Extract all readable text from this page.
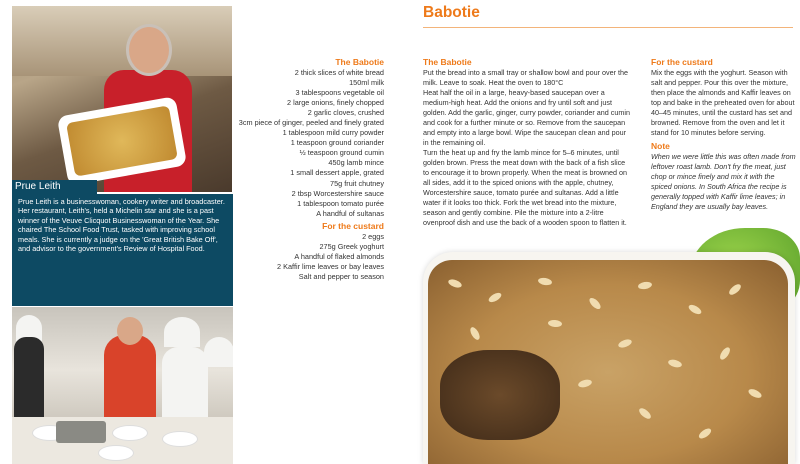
Prue Leith
Prue Leith is a businesswoman, cookery writer and broadcaster. Her restaurant, Leith's, held a Michelin star and she is a past winner of the Veuve Clicquot Businesswoman of the Year. She chaired The School Food Trust, tasked with improving school meals. She is currently a judge on the 'Great British Bake Off', and advisor to the government's Review of Hospital Food.
The Babotie
2 thick slices of white bread
150ml milk
3 tablespoons vegetable oil
2 large onions, finely chopped
2 garlic cloves, crushed
3cm piece of ginger, peeled and finely grated
1 tablespoon mild curry powder
1 teaspoon ground coriander
½ teaspoon ground cumin
450g lamb mince
1 small dessert apple, grated
75g fruit chutney
2 tbsp Worcestershire sauce
1 tablespoon tomato purée
A handful of sultanas
For the custard
2 eggs
275g Greek yoghurt
A handful of flaked almonds
2 Kaffir lime leaves or bay leaves
Salt and pepper to season
Babotie
The Babotie
Put the bread into a small tray or shallow bowl and pour over the milk. Leave to soak. Heat the oven to 180°C
Heat half the oil in a large, heavy-based saucepan over a medium-high heat. Add the onions and fry until soft and just golden. Add the garlic, ginger, curry powder, coriander and cumin and cook for a further minute or so. Remove from the saucepan and empty into a large bowl. Wipe the saucepan clean and pour in the remaining oil.
Turn the heat up and fry the lamb mince for 5–6 minutes, until golden brown. Press the meat down with the back of a fish slice to encourage it to brown properly. When the meat is browned on all sides, add it to the spiced onions with the apple, chutney, Worcestershire sauce, tomato purée and sultanas. Add a little water if it looks too thick. Fork the wet bread into the mixture, season and gently combine. Pile the mixture into a 2-litre ovenproof dish and use the back of a wooden spoon to flatten it.
For the custard
Mix the eggs with the yoghurt. Season with salt and pepper. Pour this over the mixture, then place the almonds and Kaffir leaves on top and bake in the preheated oven for about 40–45 minutes, until the custard has set and browned. Remove from the oven and let it stand for 10 minutes before serving.
Note
When we were little this was often made from leftover roast lamb. Don't fry the meat, just chop or mince finely and mix it with the spiced onions. In South Africa the recipe is generally topped with Kaffir lime leaves; in England they are usually bay leaves.
